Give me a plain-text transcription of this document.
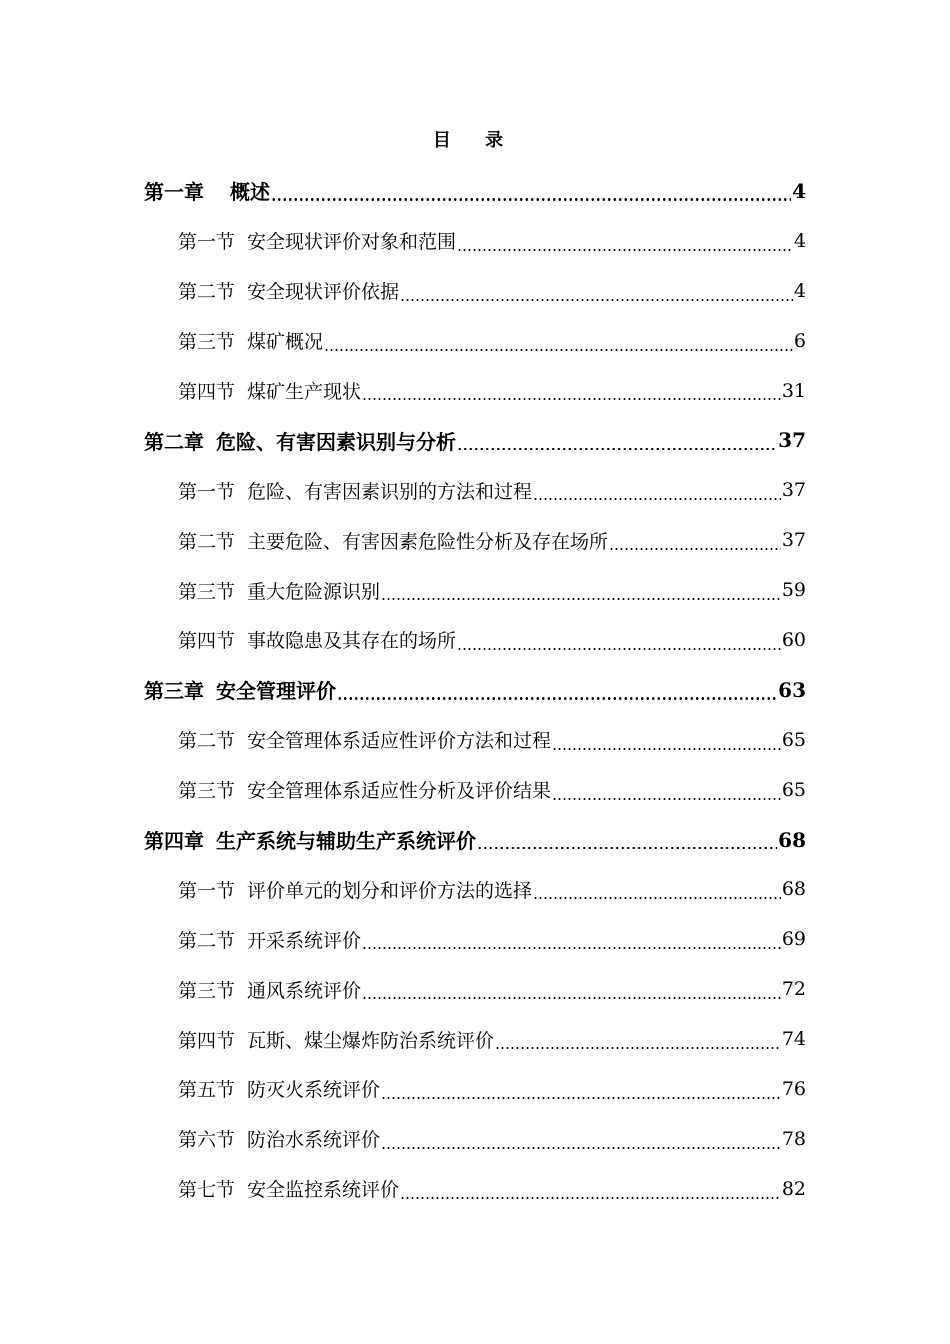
目 录
第一章 概述	4
第一节 安全现状评价对象和范围	4
第二节 安全现状评价依据	4
第三节 煤矿概况	6
第四节 煤矿生产现状	31
第二章 危险、有害因素识别与分析	37
第一节 危险、有害因素识别的方法和过程	37
第二节 主要危险、有害因素危险性分析及存在场所	37
第三节 重大危险源识别	59
第四节 事故隐患及其存在的场所	60
第三章 安全管理评价	63
第二节 安全管理体系适应性评价方法和过程	65
第三节 安全管理体系适应性分析及评价结果	65
第四章 生产系统与辅助生产系统评价	68
第一节 评价单元的划分和评价方法的选择	68
第二节 开采系统评价	69
第三节 通风系统评价	72
第四节 瓦斯、煤尘爆炸防治系统评价	74
第五节 防灭火系统评价	76
第六节 防治水系统评价	78
第七节 安全监控系统评价	82
